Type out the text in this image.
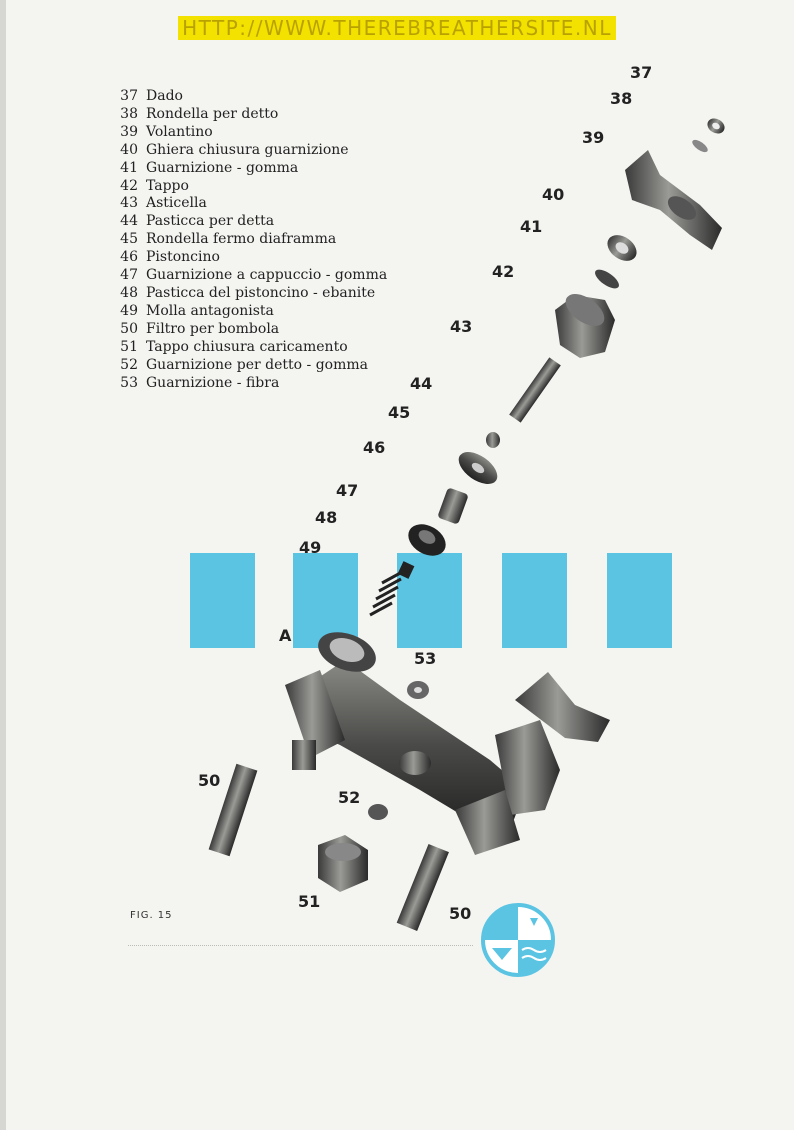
HTTP://WWW.THEREBREATHERSITE.NL
37 Dado
38 Rondella per detto
39 Volantino
40 Ghiera chiusura guarnizione
41 Guarnizione - gomma
42 Tappo
43 Asticella
44 Pasticca per detta
45 Rondella fermo diaframma
46 Pistoncino
47 Guarnizione a cappuccio - gomma
48 Pasticca del pistoncino - ebanite
49 Molla antagonista
50 Filtro per bombola
51 Tappo chiusura caricamento
52 Guarnizione per detto - gomma
53 Guarnizione - fibra
37
38
39
40
41
42
43
44
45
46
47
48
49
A
53
50
52
51
50
FIG. 15
